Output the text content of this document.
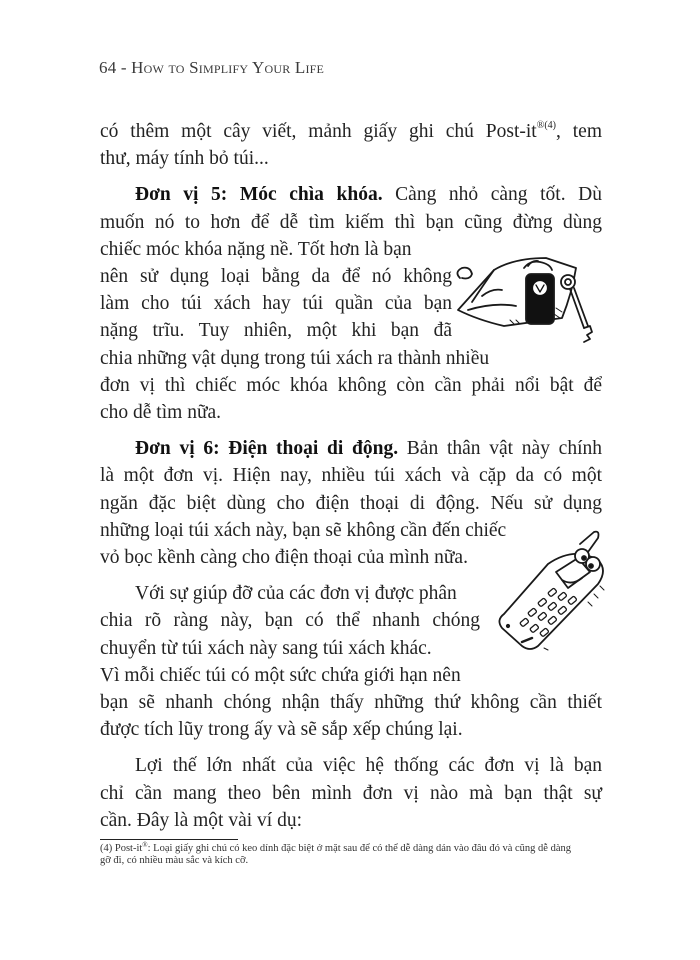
64 - How to Simplify Your Life

có thêm một cây viết, mảnh giấy ghi chú Post-$it^{®(4)}$, tem
thư, máy tính bỏ túi...

Đơn vị 5: Móc chìa khóa. Càng nhỏ càng tốt. Dù
muốn nó to hơn để dễ tìm kiếm thì bạn cũng đừng dùng
chiếc móc khóa nặng nề. Tốt hơn là bạn
nên sử dụng loại bằng da để nó không
làm cho túi xách hay túi quần của bạn
nặng trĩu. Tuy nhiên, một khi bạn đã
chia những vật dụng trong túi xách ra thành nhiều
đơn vị thì chiếc móc khóa không còn cần phải nổi bật để
cho dễ tìm nữa.

Đơn vị 6: Điện thoại di động. Bản thân vật này chính
là một đơn vị. Hiện nay, nhiều túi xách và cặp da có một
ngăn đặc biệt dùng cho điện thoại di động. Nếu sử dụng
những loại túi xách này, bạn sẽ không cần đến chiếc
vỏ bọc kềnh càng cho điện thoại của mình nữa.

Với sự giúp đỡ của các đơn vị được phân
chia rõ ràng này, bạn có thể nhanh chóng
chuyển từ túi xách này sang túi xách khác.
Vì mỗi chiếc túi có một sức chứa giới hạn nên
bạn sẽ nhanh chóng nhận thấy những thứ không cần thiết
được tích lũy trong ấy và sẽ sắp xếp chúng lại.

Lợi thế lớn nhất của việc hệ thống các đơn vị là bạn
chỉ cần mang theo bên mình đơn vị nào mà bạn thật sự
cần. Đây là một vài ví dụ:

(4) Post-it®: Loại giấy ghi chú có keo dính đặc biệt ở mặt sau để có thể dễ dàng dán vào đâu đó và cũng dễ dàng gỡ đi, có nhiều màu sắc và kích cỡ.
